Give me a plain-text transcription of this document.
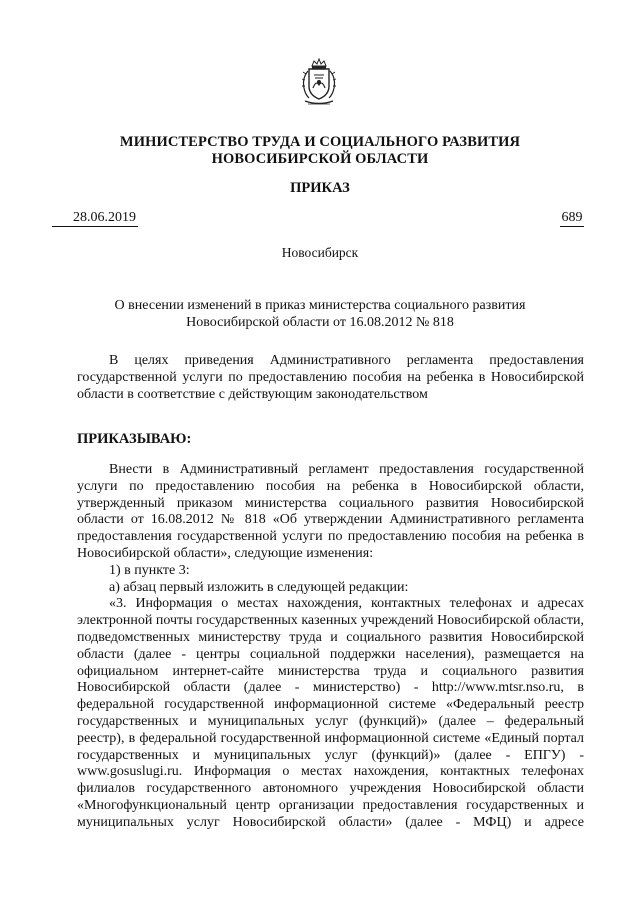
МИНИСТЕРСТВО ТРУДА И СОЦИАЛЬНОГО РАЗВИТИЯ
НОВОСИБИРСКОЙ ОБЛАСТИ
ПРИКАЗ
28.06.2019	689
Новосибирск
О внесении изменений в приказ министерства социального развития
Новосибирской области от 16.08.2012 № 818

В целях приведения Административного регламента предоставления государственной услуги по предоставлению пособия на ребенка в Новосибирской области в соответствие с действующим законодательством

ПРИКАЗЫВАЮ:

Внести в Административный регламент предоставления государственной услуги по предоставлению пособия на ребенка в Новосибирской области, утвержденный приказом министерства социального развития Новосибирской области от 16.08.2012 № 818 «Об утверждении Административного регламента предоставления государственной услуги по предоставлению пособия на ребенка в Новосибирской области», следующие изменения:

1) в пункте 3:

а) абзац первый изложить в следующей редакции:

«3. Информация о местах нахождения, контактных телефонах и адресах электронной почты государственных казенных учреждений Новосибирской области, подведомственных министерству труда и социального развития Новосибирской области (далее - центры социальной поддержки населения), размещается на официальном интернет-сайте министерства труда и социального развития Новосибирской области (далее - министерство) - http://www.mtsr.nso.ru, в федеральной государственной информационной системе «Федеральный реестр государственных и муниципальных услуг (функций)» (далее – федеральный реестр), в федеральной государственной информационной системе «Единый портал государственных и муниципальных услуг (функций)» (далее - ЕПГУ) - www.gosuslugi.ru. Информация о местах нахождения, контактных телефонах филиалов государственного автономного учреждения Новосибирской области «Многофункциональный центр организации предоставления государственных и муниципальных услуг Новосибирской области» (далее - МФЦ) и адресе
